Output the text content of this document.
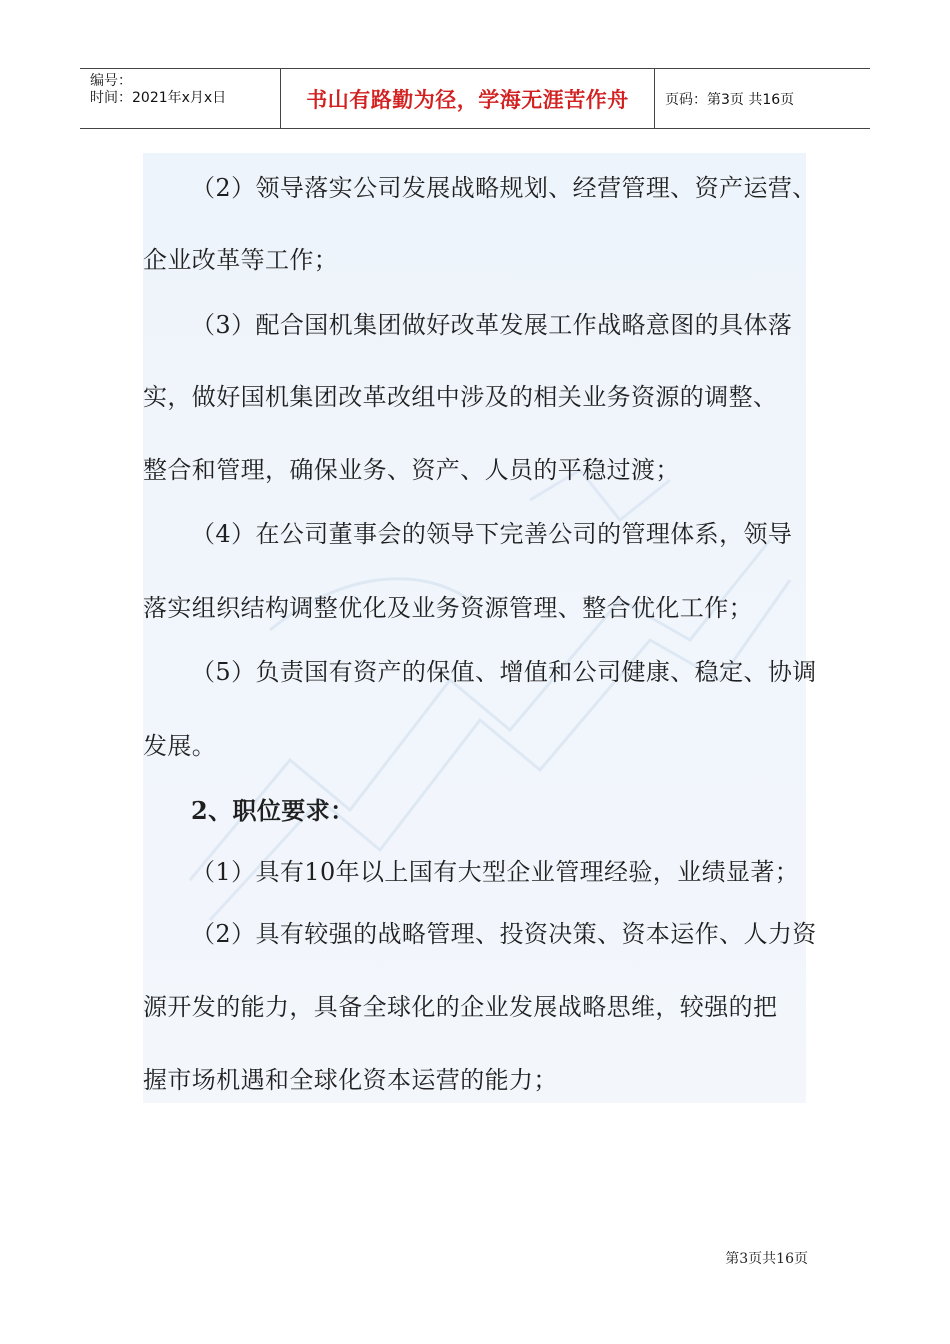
编号：
时间：2021年x月x日	书山有路勤为径，学海无涯苦作舟	页码：第3页 共16页
（2）领导落实公司发展战略规划、经营管理、资产运营、
企业改革等工作；
（3）配合国机集团做好改革发展工作战略意图的具体落
实，做好国机集团改革改组中涉及的相关业务资源的调整、
整合和管理，确保业务、资产、人员的平稳过渡；
（4）在公司董事会的领导下完善公司的管理体系，领导
落实组织结构调整优化及业务资源管理、整合优化工作；
（5）负责国有资产的保值、增值和公司健康、稳定、协调
发展。
2、职位要求：
（1）具有10年以上国有大型企业管理经验，业绩显著；
（2）具有较强的战略管理、投资决策、资本运作、人力资
源开发的能力，具备全球化的企业发展战略思维，较强的把
握市场机遇和全球化资本运营的能力；
第3页共16页
